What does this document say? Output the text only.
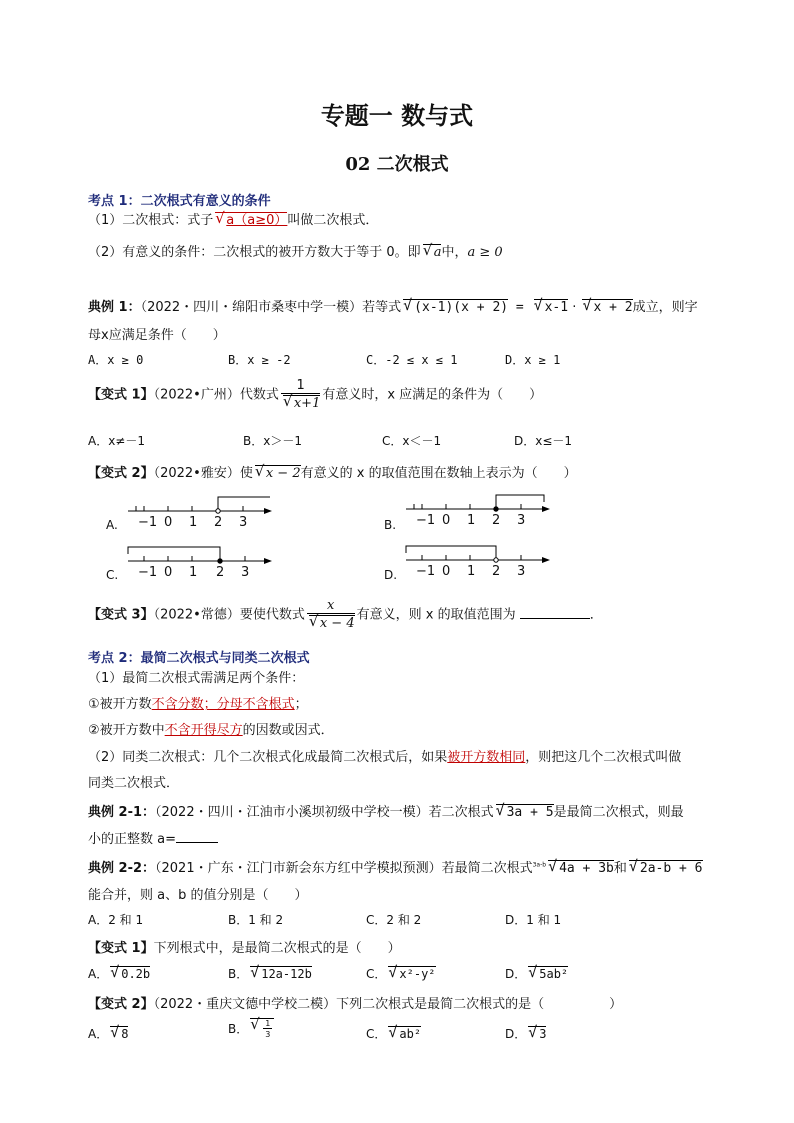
专题一 数与式
02 二次根式
考点 1：二次根式有意义的条件
（1）二次根式：式子 √ a（a≥0）叫做二次根式．
（2）有意义的条件：二次根式的被开方数大于等于 0。即 √ a中，a ≥ 0
典例 1：（2022・四川・绵阳市桑枣中学一模）若等式 √ (x-1)(x + 2) = √ x-1 · √ x + 2成立，则字
母x应满足条件（　　）
A．x ≥ 0	B．x ≥ -2	C．-2 ≤ x ≤ 1	D．x ≥ 1
【变式 1】（2022•广州）代数式 1
√ x+1 有意义时，x 应满足的条件为（　　）
A．x≠－1	B．x＞－1	C．x＜－1	D．x≤－1
【变式 2】（2022•雅安）使 √ x − 2有意义的 x 的取值范围在数轴上表示为（　　）
A. −1 0 1 2 3	B. −1 0 1 2 3
C. −1 0 1 2 3	D. −1 0 1 2 3
【变式 3】（2022•常德）要使代数式 x
√ x − 4 有意义，则 x 的取值范围为	．
考点 2：最简二次根式与同类二次根式
（1）最简二次根式需满足两个条件：
①被开方数不含分数；分母不含根式；
②被开方数中不含开得尽方的因数或因式．
（2）同类二次根式：几个二次根式化成最简二次根式后，如果被开方数相同，则把这几个二次根式叫做
同类二次根式．
典例 2-1：（2022・四川・江油市小溪坝初级中学校一模）若二次根式 √ 3a + 5是最简二次根式，则最
小的正整数 a=
典例 2-2：（2021・广东・江门市新会东方红中学模拟预测）若最简二次根式$^{3a-b}$ √ 4a + 3b和 √ 2a-b + 6
能合并，则 a、b 的值分别是（　　）
A．2 和 1	B．1 和 2	C．2 和 2	D．1 和 1
【变式 1】下列根式中，是最简二次根式的是（　　）
A． √ 0.2b	B． √ 12a-12b	C． √ x²-y²	D． √ 5ab²
【变式 2】（2022・重庆文德中学校二模）下列二次根式是最简二次根式的是（　　　　　）
A． √ 8	B． √ $\frac{1}{3}$	C． √ ab²	D． √ 3
